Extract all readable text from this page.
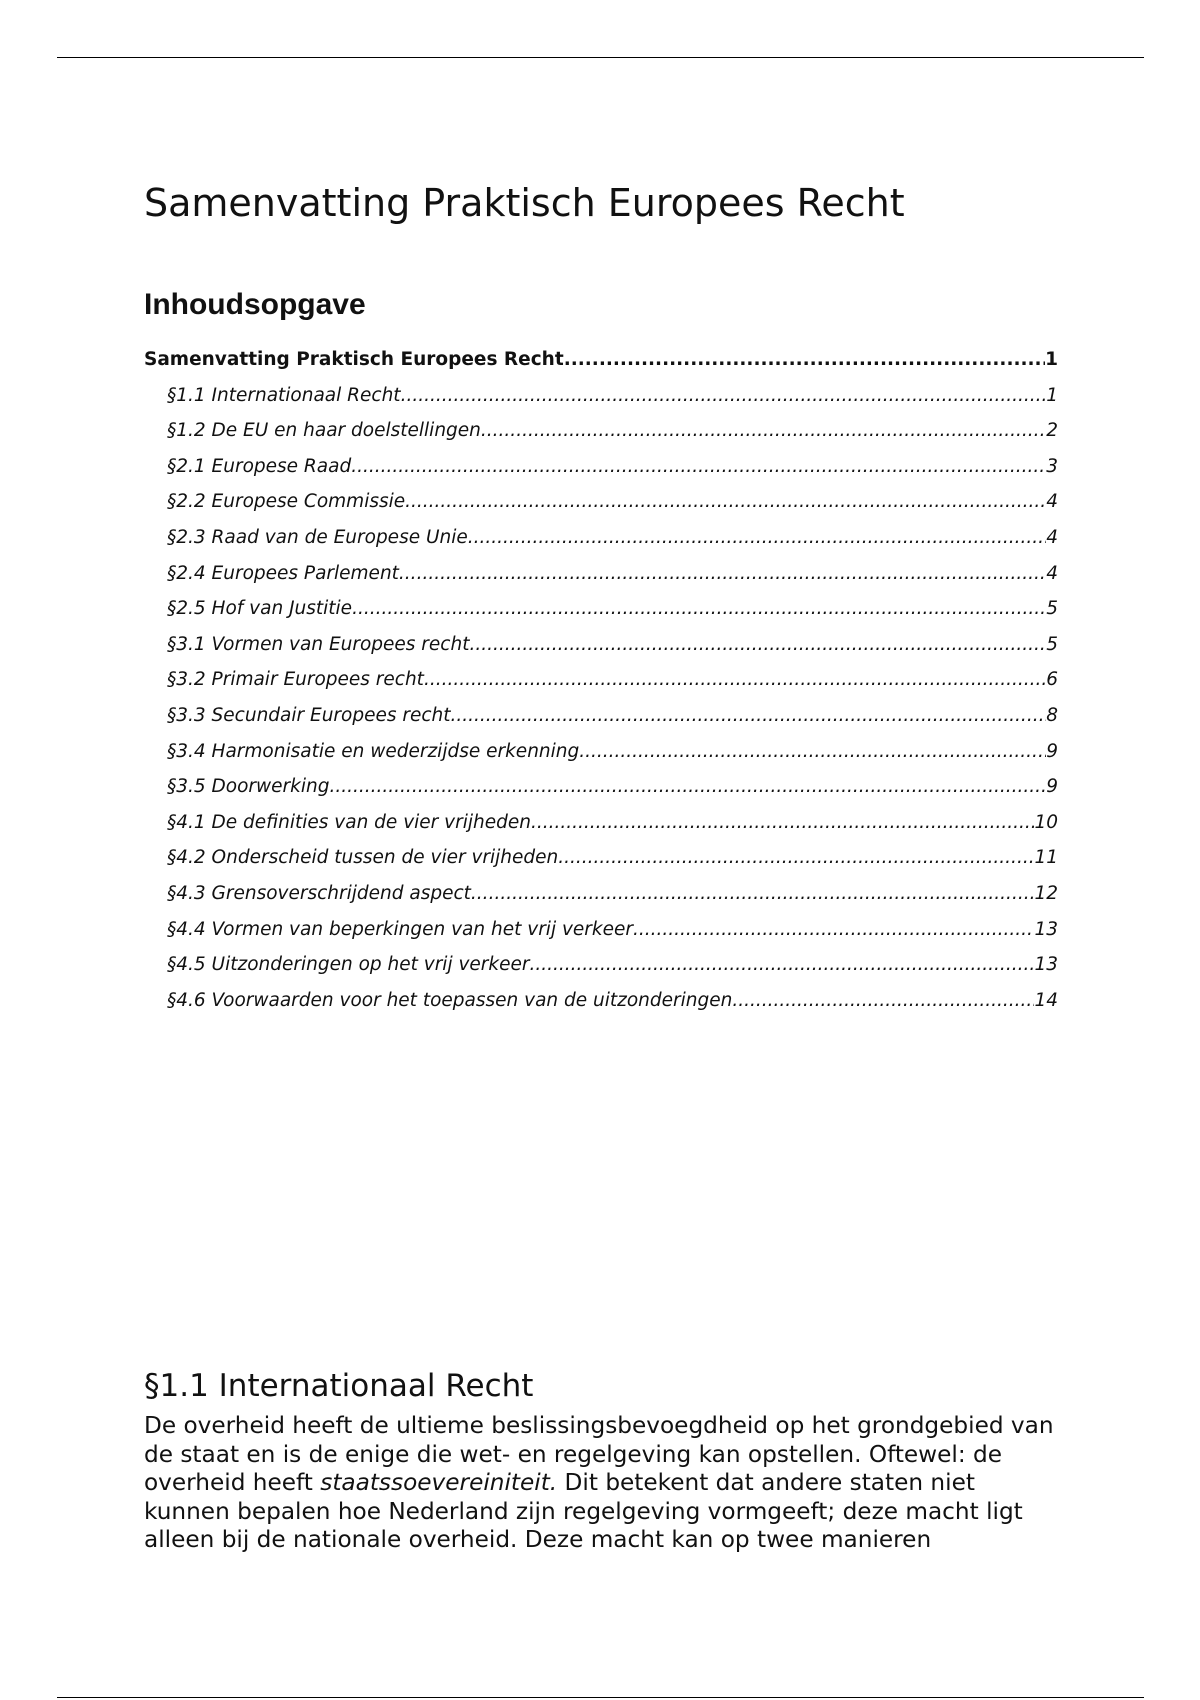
Samenvatting Praktisch Europees Recht
Inhoudsopgave
Samenvatting Praktisch Europees Recht .....	1
§1.1 Internationaal Recht .....	1
§1.2 De EU en haar doelstellingen .....	2
§2.1 Europese Raad .....	3
§2.2 Europese Commissie .....	4
§2.3 Raad van de Europese Unie .....	4
§2.4 Europees Parlement .....	4
§2.5 Hof van Justitie .....	5
§3.1 Vormen van Europees recht .....	5
§3.2 Primair Europees recht .....	6
§3.3 Secundair Europees recht .....	8
§3.4 Harmonisatie en wederzijdse erkenning .....	9
§3.5 Doorwerking .....	9
§4.1 De definities van de vier vrijheden .....	10
§4.2 Onderscheid tussen de vier vrijheden .....	11
§4.3 Grensoverschrijdend aspect .....	12
§4.4 Vormen van beperkingen van het vrij verkeer .....	13
§4.5 Uitzonderingen op het vrij verkeer .....	13
§4.6 Voorwaarden voor het toepassen van de uitzonderingen .....	14
§1.1 Internationaal Recht

De overheid heeft de ultieme beslissingsbevoegdheid op het grondgebied van de staat en is de enige die wet- en regelgeving kan opstellen. Oftewel: de overheid heeft staatssoevereiniteit. Dit betekent dat andere staten niet kunnen bepalen hoe Nederland zijn regelgeving vormgeeft; deze macht ligt alleen bij de nationale overheid. Deze macht kan op twee manieren
